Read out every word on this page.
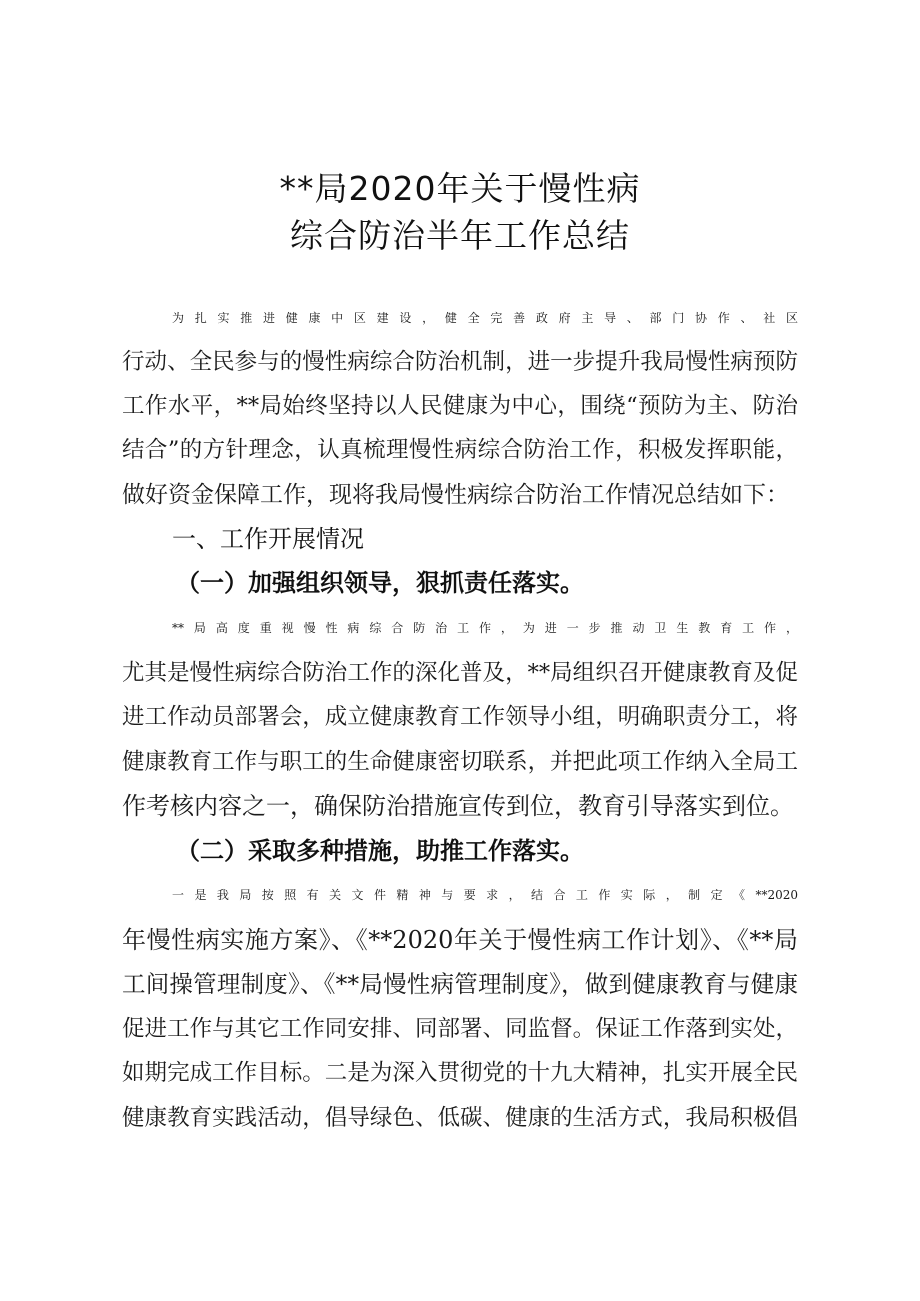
**局2020年关于慢性病
综合防治半年工作总结
为扎实推进健康中区建设，健全完善政府主导、部门协作、社区
行动、全民参与的慢性病综合防治机制，进一步提升我局慢性病预防
工作水平，**局始终坚持以人民健康为中心，围绕“预防为主、防治
结合”的方针理念，认真梳理慢性病综合防治工作，积极发挥职能，
做好资金保障工作，现将我局慢性病综合防治工作情况总结如下：
一、工作开展情况
（一）加强组织领导，狠抓责任落实。
**局高度重视慢性病综合防治工作，为进一步推动卫生教育工作，
尤其是慢性病综合防治工作的深化普及，**局组织召开健康教育及促
进工作动员部署会，成立健康教育工作领导小组，明确职责分工，将
健康教育工作与职工的生命健康密切联系，并把此项工作纳入全局工
作考核内容之一，确保防治措施宣传到位，教育引导落实到位。
（二）采取多种措施，助推工作落实。
一是我局按照有关文件精神与要求，结合工作实际，制定《**2020
年慢性病实施方案》、《**2020年关于慢性病工作计划》、《**局
工间操管理制度》、《**局慢性病管理制度》，做到健康教育与健康
促进工作与其它工作同安排、同部署、同监督。保证工作落到实处，
如期完成工作目标。二是为深入贯彻党的十九大精神，扎实开展全民
健康教育实践活动，倡导绿色、低碳、健康的生活方式，我局积极倡
